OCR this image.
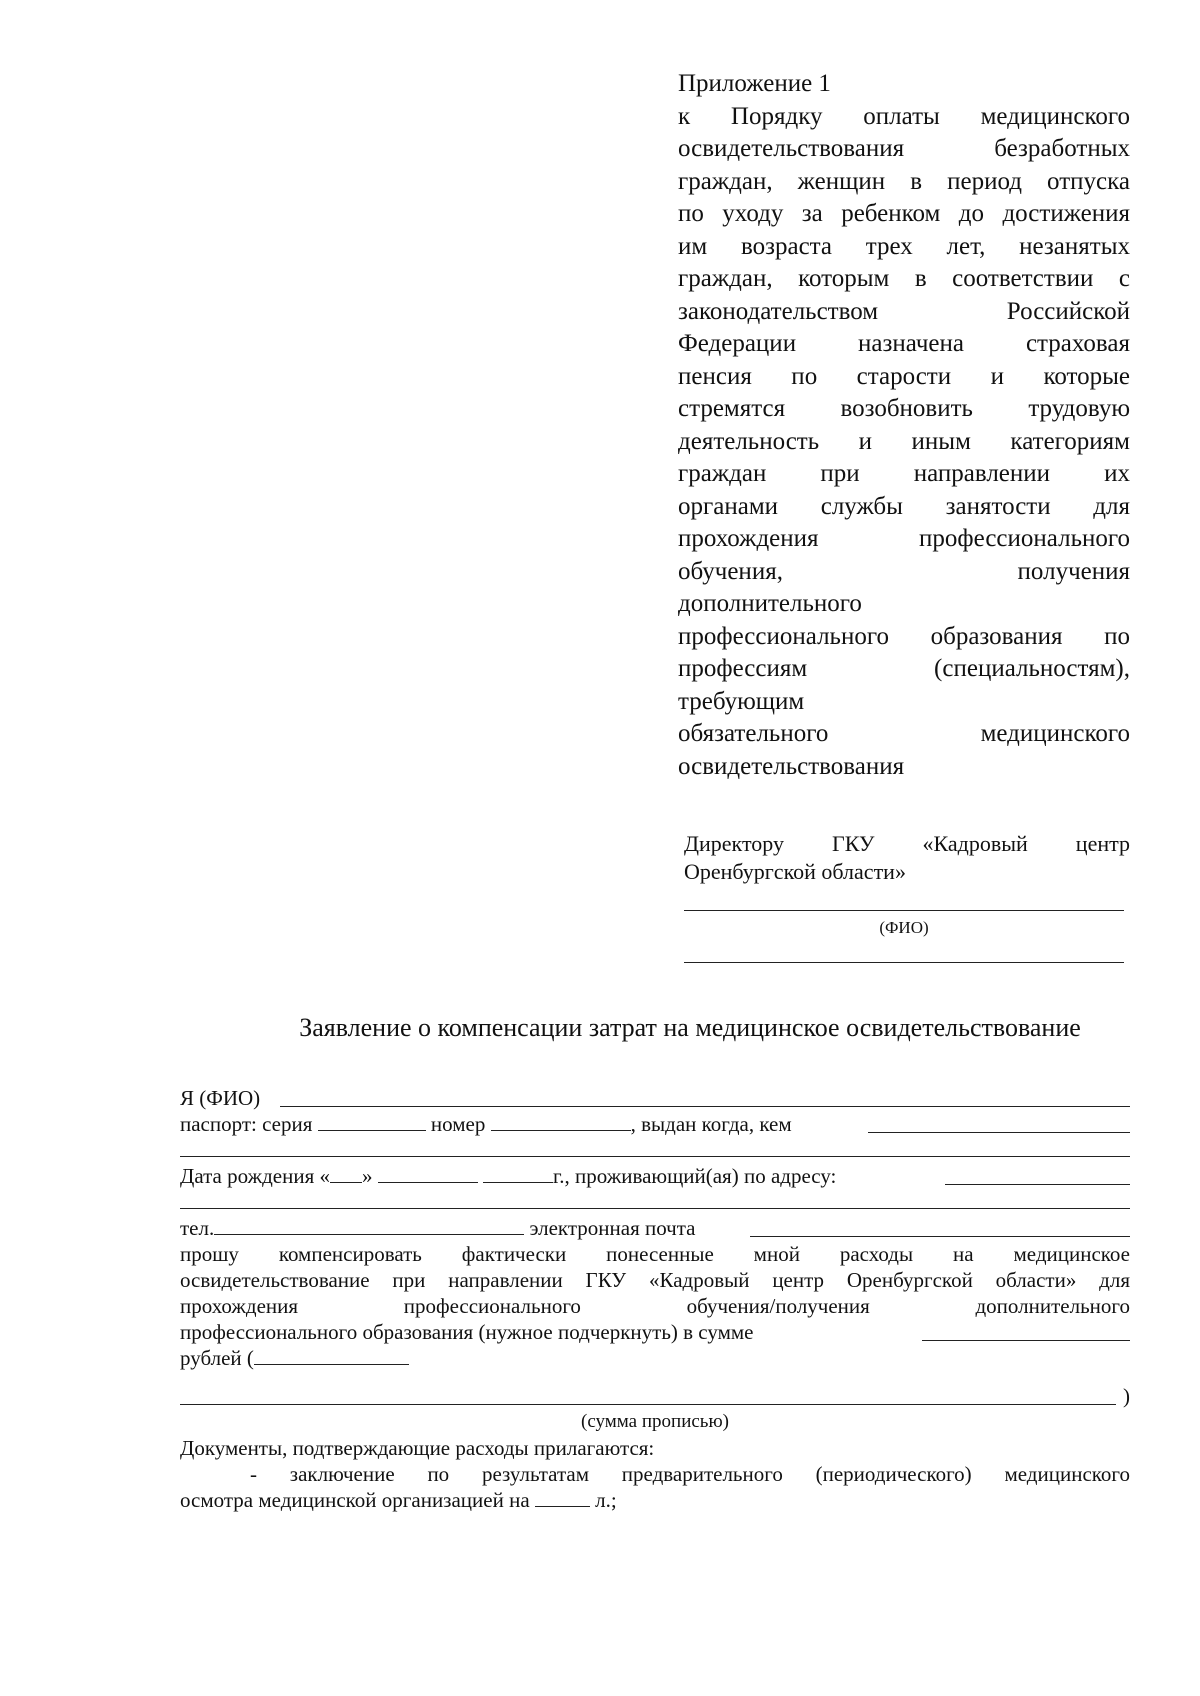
Приложение 1
к Порядку оплаты медицинского
освидетельствования безработных
граждан, женщин в период отпуска
по уходу за ребенком до достижения
им возраста трех лет, незанятых
граждан, которым в соответствии с
законодательством Российской
Федерации назначена страховая
пенсия по старости и которые
стремятся возобновить трудовую
деятельность и иным категориям
граждан при направлении их
органами службы занятости для
прохождения профессионального
обучения, получения
дополнительного
профессионального образования по
профессиям (специальностям),
требующим
обязательного медицинского
освидетельствования
Директору ГКУ «Кадровый центр
Оренбургской области»
(ФИО)
Заявление о компенсации затрат на медицинское освидетельствование
Я (ФИО)
паспорт: серия	номер	, выдан когда, кем
Дата рождения « »	г., проживающий(ая) по адресу:
тел.	электронная почта
прошу компенсировать фактически понесенные мной расходы на медицинское
освидетельствование при направлении ГКУ «Кадровый центр Оренбургской области» для
прохождения профессионального обучения/получения дополнительного
профессионального образования (нужное подчеркнуть) в сумме
рублей (
)
(сумма прописью)
Документы, подтверждающие расходы прилагаются:
- заключение по результатам предварительного (периодического) медицинского
осмотра медицинской организацией на	л.;
